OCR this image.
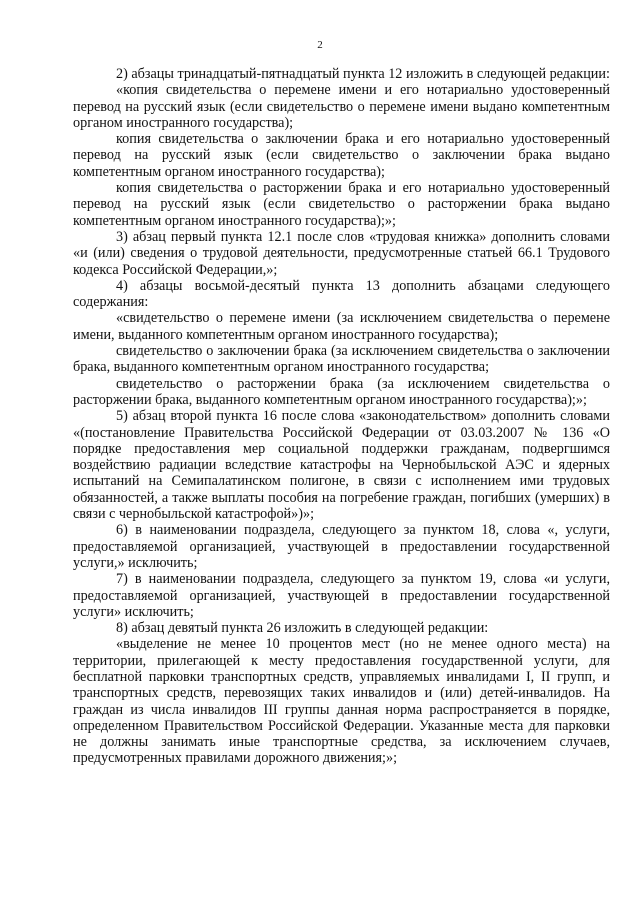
2

2) абзацы тринадцатый-пятнадцатый пункта 12 изложить в следующей редакции:

«копия свидетельства о перемене имени и его нотариально удостоверенный перевод на русский язык (если свидетельство о перемене имени выдано компетентным органом иностранного государства);

копия свидетельства о заключении брака и его нотариально удостоверенный перевод на русский язык (если свидетельство о заключении брака выдано компетентным органом иностранного государства);

копия свидетельства о расторжении брака и его нотариально удостоверенный перевод на русский язык (если свидетельство о расторжении брака выдано компетентным органом иностранного государства);»;

3) абзац первый пункта 12.1 после слов «трудовая книжка» дополнить словами «и (или) сведения о трудовой деятельности, предусмотренные статьей 66.1 Трудового кодекса Российской Федерации,»;

4) абзацы восьмой-десятый пункта 13 дополнить абзацами следующего содержания:

«свидетельство о перемене имени (за исключением свидетельства о перемене имени, выданного компетентным органом иностранного государства);

свидетельство о заключении брака (за исключением свидетельства о заключении брака, выданного компетентным органом иностранного государства;

свидетельство о расторжении брака (за исключением свидетельства о расторжении брака, выданного компетентным органом иностранного государства);»;

5) абзац второй пункта 16 после слова «законодательством» дополнить словами «(постановление Правительства Российской Федерации от 03.03.2007 № 136 «О порядке предоставления мер социальной поддержки гражданам, подвергшимся воздействию радиации вследствие катастрофы на Чернобыльской АЭС и ядерных испытаний на Семипалатинском полигоне, в связи с исполнением ими трудовых обязанностей, а также выплаты пособия на погребение граждан, погибших (умерших) в связи с чернобыльской катастрофой»)»;

6) в наименовании подраздела, следующего за пунктом 18, слова «, услуги, предоставляемой организацией, участвующей в предоставлении государственной услуги,» исключить;

7) в наименовании подраздела, следующего за пунктом 19, слова «и услуги, предоставляемой организацией, участвующей в предоставлении государственной услуги» исключить;

8) абзац девятый пункта 26 изложить в следующей редакции:

«выделение не менее 10 процентов мест (но не менее одного места) на территории, прилегающей к месту предоставления государственной услуги, для бесплатной парковки транспортных средств, управляемых инвалидами I, II групп, и транспортных средств, перевозящих таких инвалидов и (или) детей-инвалидов. На граждан из числа инвалидов III группы данная норма распространяется в порядке, определенном Правительством Российской Федерации. Указанные места для парковки не должны занимать иные транспортные средства, за исключением случаев, предусмотренных правилами дорожного движения;»;
